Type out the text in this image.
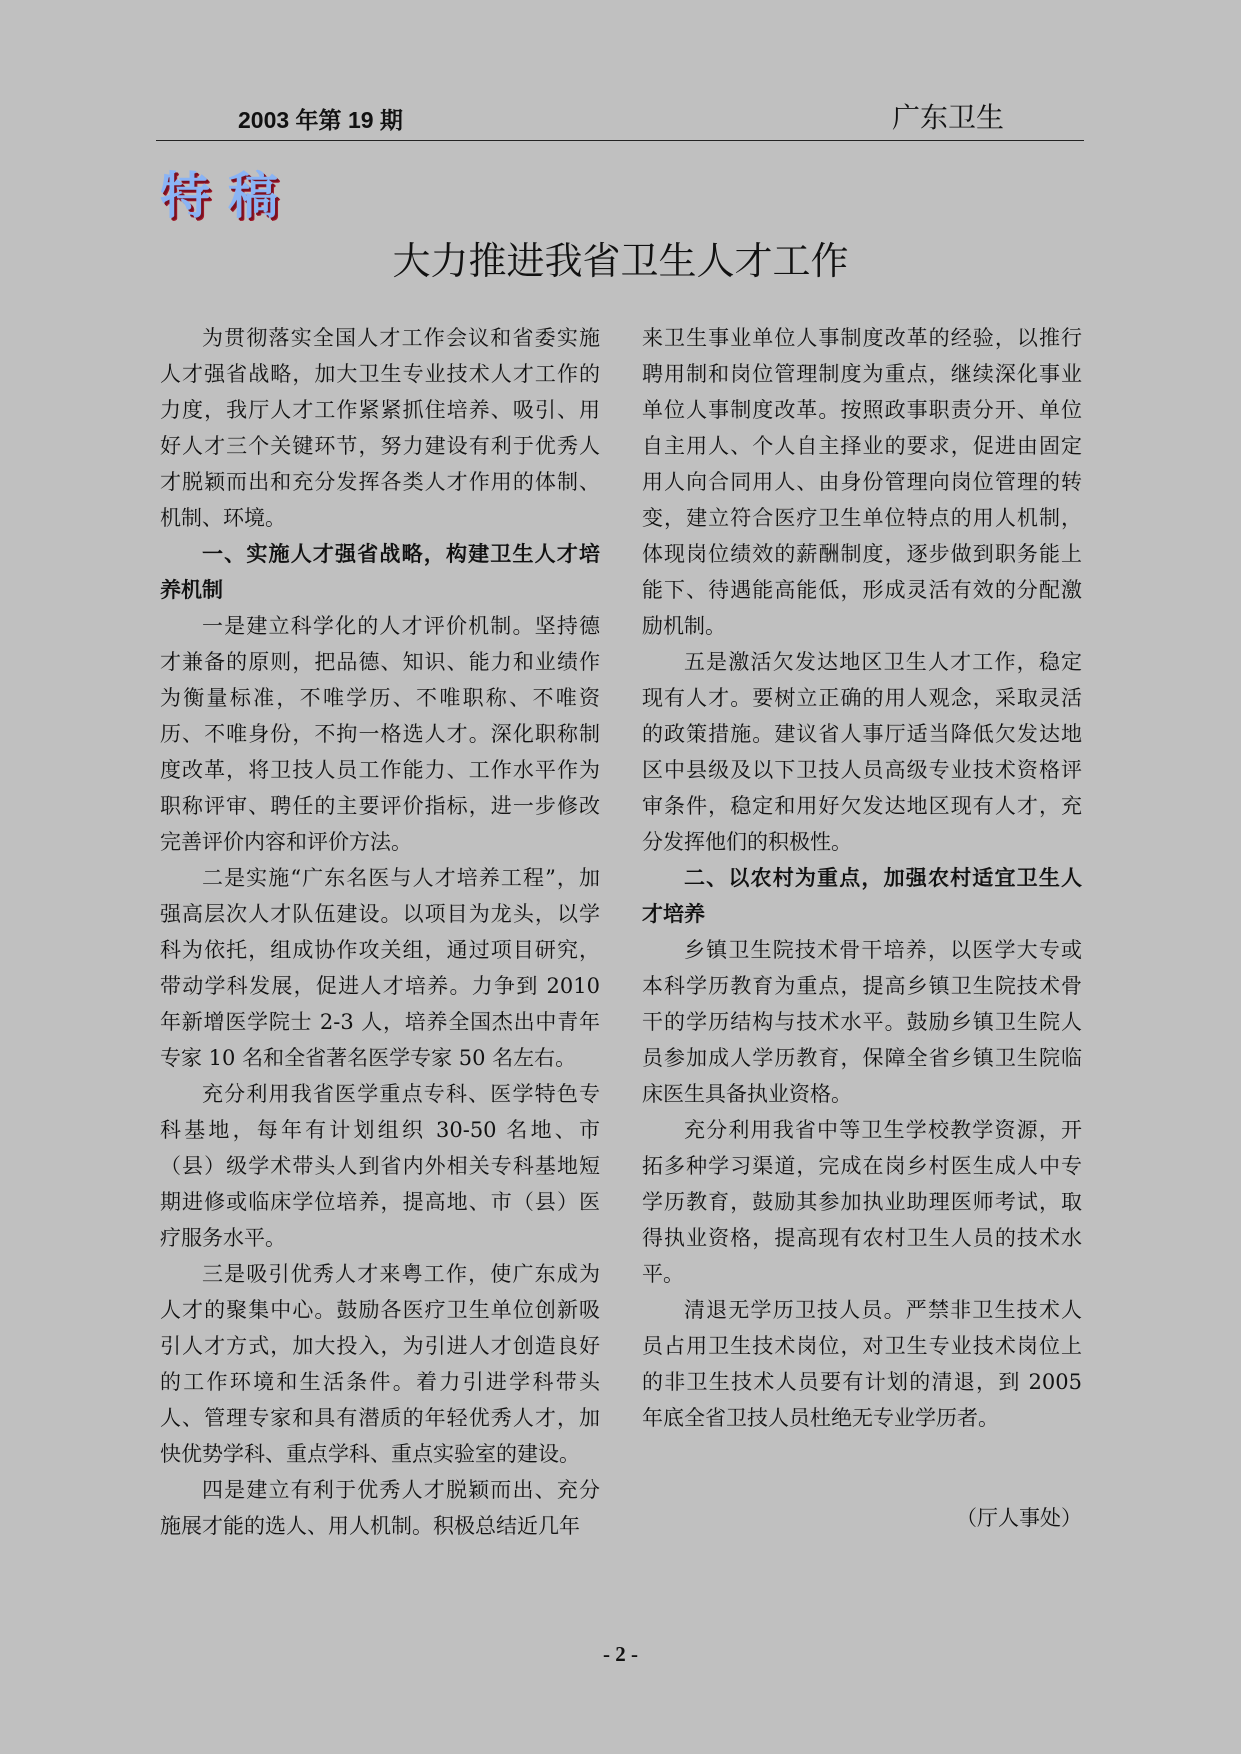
2003 年第 19 期	广东卫生
特稿
大力推进我省卫生人才工作

为贯彻落实全国人才工作会议和省委实施人才强省战略，加大卫生专业技术人才工作的力度，我厅人才工作紧紧抓住培养、吸引、用好人才三个关键环节，努力建设有利于优秀人才脱颖而出和充分发挥各类人才作用的体制、机制、环境。

一、实施人才强省战略，构建卫生人才培养机制

一是建立科学化的人才评价机制。坚持德才兼备的原则，把品德、知识、能力和业绩作为衡量标准，不唯学历、不唯职称、不唯资历、不唯身份，不拘一格选人才。深化职称制度改革，将卫技人员工作能力、工作水平作为职称评审、聘任的主要评价指标，进一步修改完善评价内容和评价方法。

二是实施“广东名医与人才培养工程”，加强高层次人才队伍建设。以项目为龙头，以学科为依托，组成协作攻关组，通过项目研究，带动学科发展，促进人才培养。力争到 2010 年新增医学院士 2-3 人，培养全国杰出中青年专家 10 名和全省著名医学专家 50 名左右。

充分利用我省医学重点专科、医学特色专科基地，每年有计划组织 30-50 名地、市（县）级学术带头人到省内外相关专科基地短期进修或临床学位培养，提高地、市（县）医疗服务水平。

三是吸引优秀人才来粤工作，使广东成为人才的聚集中心。鼓励各医疗卫生单位创新吸引人才方式，加大投入，为引进人才创造良好的工作环境和生活条件。着力引进学科带头人、管理专家和具有潜质的年轻优秀人才，加快优势学科、重点学科、重点实验室的建设。

四是建立有利于优秀人才脱颖而出、充分施展才能的选人、用人机制。积极总结近几年

来卫生事业单位人事制度改革的经验，以推行聘用制和岗位管理制度为重点，继续深化事业单位人事制度改革。按照政事职责分开、单位自主用人、个人自主择业的要求，促进由固定用人向合同用人、由身份管理向岗位管理的转变，建立符合医疗卫生单位特点的用人机制，体现岗位绩效的薪酬制度，逐步做到职务能上能下、待遇能高能低，形成灵活有效的分配激励机制。

五是激活欠发达地区卫生人才工作，稳定现有人才。要树立正确的用人观念，采取灵活的政策措施。建议省人事厅适当降低欠发达地区中县级及以下卫技人员高级专业技术资格评审条件，稳定和用好欠发达地区现有人才，充分发挥他们的积极性。

二、以农村为重点，加强农村适宜卫生人才培养

乡镇卫生院技术骨干培养，以医学大专或本科学历教育为重点，提高乡镇卫生院技术骨干的学历结构与技术水平。鼓励乡镇卫生院人员参加成人学历教育，保障全省乡镇卫生院临床医生具备执业资格。

充分利用我省中等卫生学校教学资源，开拓多种学习渠道，完成在岗乡村医生成人中专学历教育，鼓励其参加执业助理医师考试，取得执业资格，提高现有农村卫生人员的技术水平。

清退无学历卫技人员。严禁非卫生技术人员占用卫生技术岗位，对卫生专业技术岗位上的非卫生技术人员要有计划的清退，到 2005 年底全省卫技人员杜绝无专业学历者。

（厅人事处）
- 2 -
